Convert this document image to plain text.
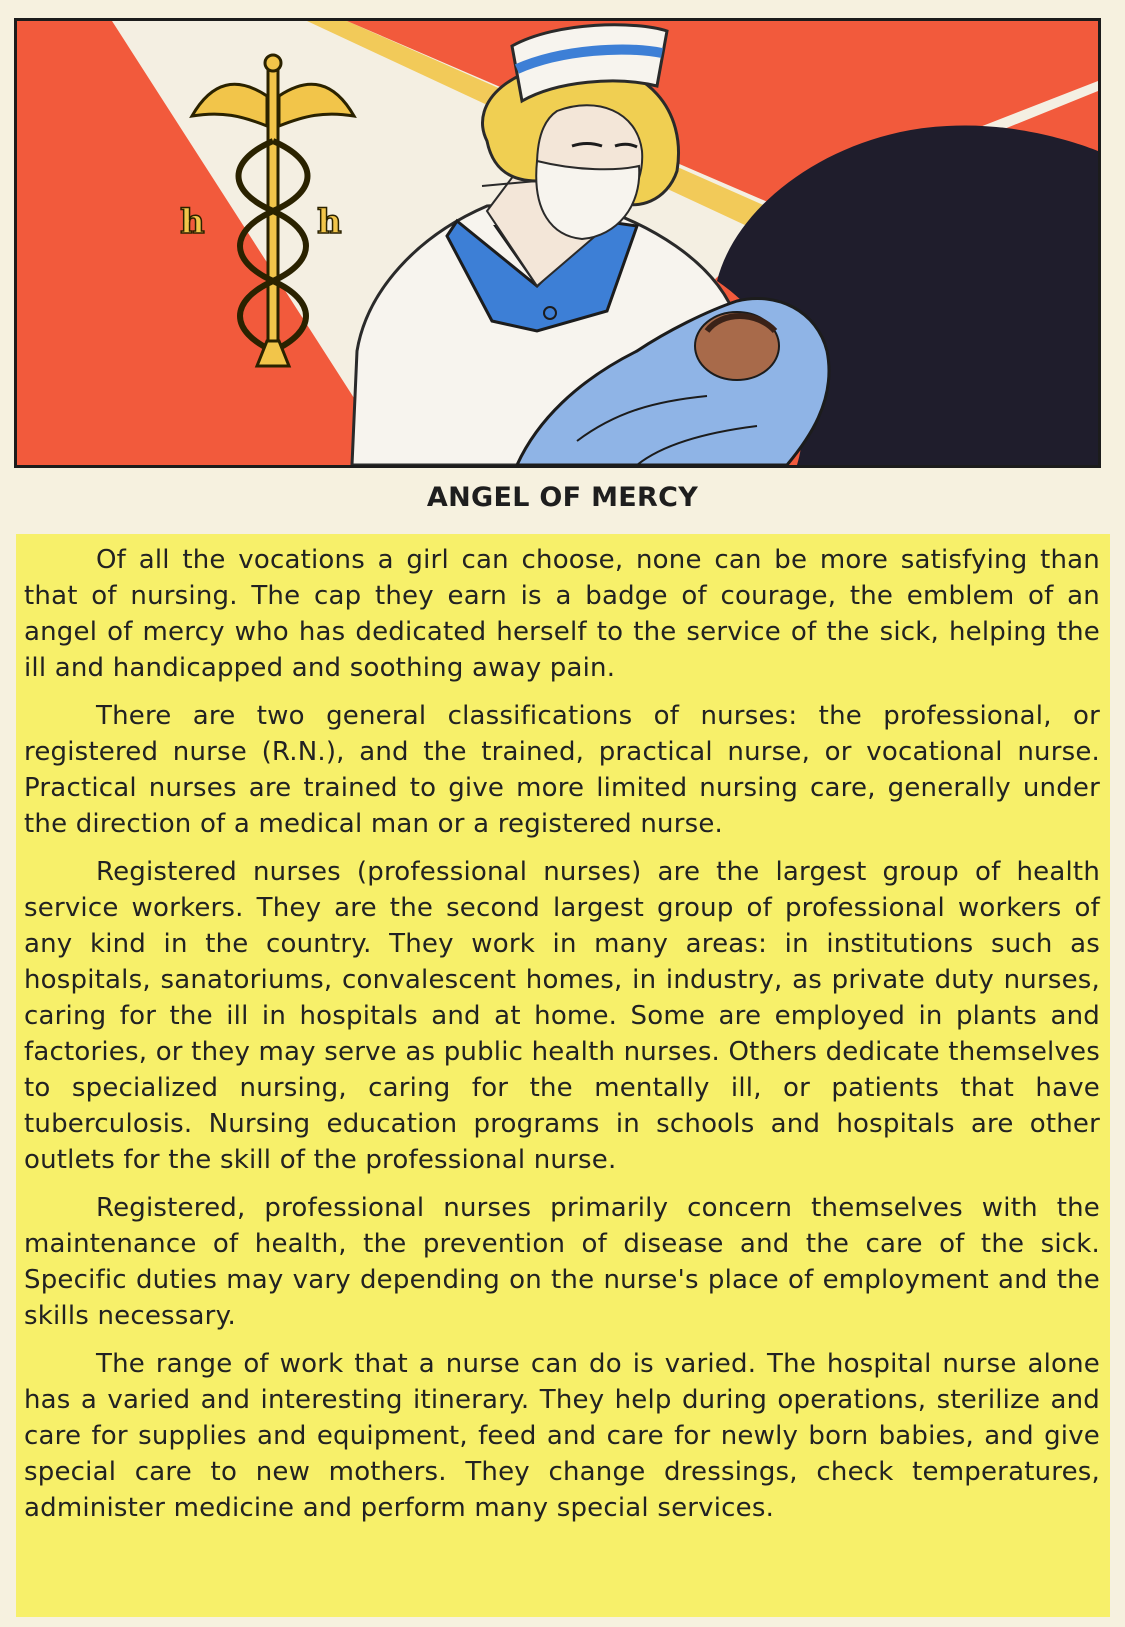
h	h
ANGEL OF MERCY

Of all the vocations a girl can choose, none can be more satisfying than that of nursing. The cap they earn is a badge of courage, the emblem of an angel of mercy who has dedicated herself to the service of the sick, helping the ill and handicapped and soothing away pain.

There are two general classifications of nurses: the professional, or registered nurse (R.N.), and the trained, practical nurse, or vocational nurse. Practical nurses are trained to give more limited nursing care, generally under the direction of a medical man or a registered nurse.

Registered nurses (professional nurses) are the largest group of health service workers. They are the second largest group of professional workers of any kind in the country. They work in many areas: in institutions such as hospitals, sanatoriums, convalescent homes, in industry, as private duty nurses, caring for the ill in hospitals and at home. Some are employed in plants and factories, or they may serve as public health nurses. Others dedicate themselves to specialized nursing, caring for the mentally ill, or patients that have tuberculosis. Nursing education programs in schools and hospitals are other outlets for the skill of the professional nurse.

Registered, professional nurses primarily concern themselves with the maintenance of health, the prevention of disease and the care of the sick. Specific duties may vary depending on the nurse's place of employment and the skills necessary.

The range of work that a nurse can do is varied. The hospital nurse alone has a varied and interesting itinerary. They help during operations, sterilize and care for supplies and equipment, feed and care for newly born babies, and give special care to new mothers. They change dressings, check temperatures, administer medicine and perform many special services.
